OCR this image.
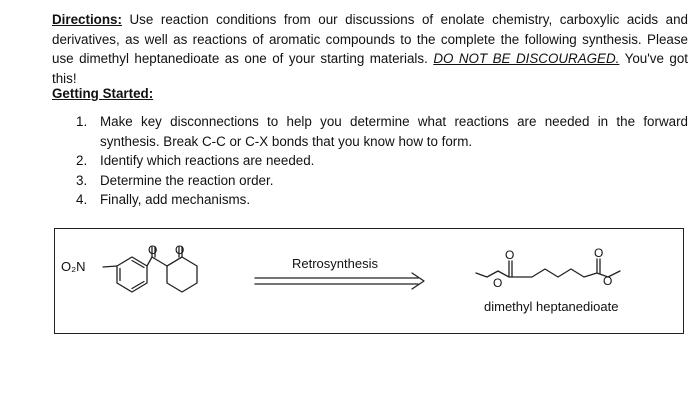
Directions: Use reaction conditions from our discussions of enolate chemistry, carboxylic acids and derivatives, as well as reactions of aromatic compounds to the complete the following synthesis. Please use dimethyl heptanedioate as one of your starting materials. DO NOT BE DISCOURAGED. You've got this!
Getting Started:
1. Make key disconnections to help you determine what reactions are needed in the forward synthesis. Break C-C or C-X bonds that you know how to form.
2. Identify which reactions are needed.
3. Determine the reaction order.
4. Finally, add mechanisms.
O₂N
O O
Retrosynthesis
O
O
O
O
dimethyl heptanedioate
